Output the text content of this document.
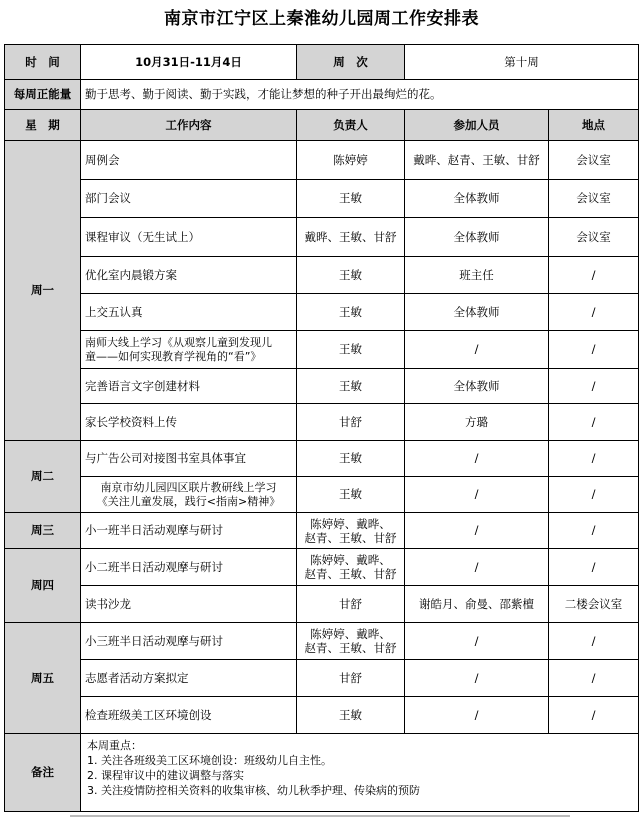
南京市江宁区上秦淮幼儿园周工作安排表
时　间	10月31日-11月4日	周　次	第十周	
每周正能量	勤于思考、勤于阅读、勤于实践，才能让梦想的种子开出最绚烂的花。			
星　期	工作内容	负责人	参加人员	地点
周一	周例会	陈婷婷	戴晔、赵青、王敏、甘舒	会议室
	部门会议	王敏	全体教师	会议室
	课程审议（无生试上）	戴晔、王敏、甘舒	全体教师	会议室
	优化室内晨锻方案	王敏	班主任	/
	上交五认真	王敏	全体教师	/

	南师大线上学习《从观察儿童到发现儿
童——如何实现教育学视角的“看”》	王敏	/	/
	完善语言文字创建材料	王敏	全体教师	/
	家长学校资料上传	甘舒	方璐	/
周二	与广告公司对接图书室具体事宜	王敏	/	/

	南京市幼儿园四区联片教研线上学习
《关注儿童发展，践行<指南>精神》	王敏	/	/
周三	小一班半日活动观摩与研讨	陈婷婷、戴晔、
赵青、王敏、甘舒	/	/
周四	小二班半日活动观摩与研讨	陈婷婷、戴晔、
赵青、王敏、甘舒	/	/
	读书沙龙	甘舒	谢皓月、俞曼、邵紫檀	二楼会议室
周五	小三班半日活动观摩与研讨	陈婷婷、戴晔、
赵青、王敏、甘舒	/	/
	志愿者活动方案拟定	甘舒	/	/
	检查班级美工区环境创设	王敏	/	/
备注	本周重点：
1. 关注各班级美工区环境创设：班级幼儿自主性。
2. 课程审议中的建议调整与落实
3. 关注疫情防控相关资料的收集审核、幼儿秋季护理、传染病的预防			
